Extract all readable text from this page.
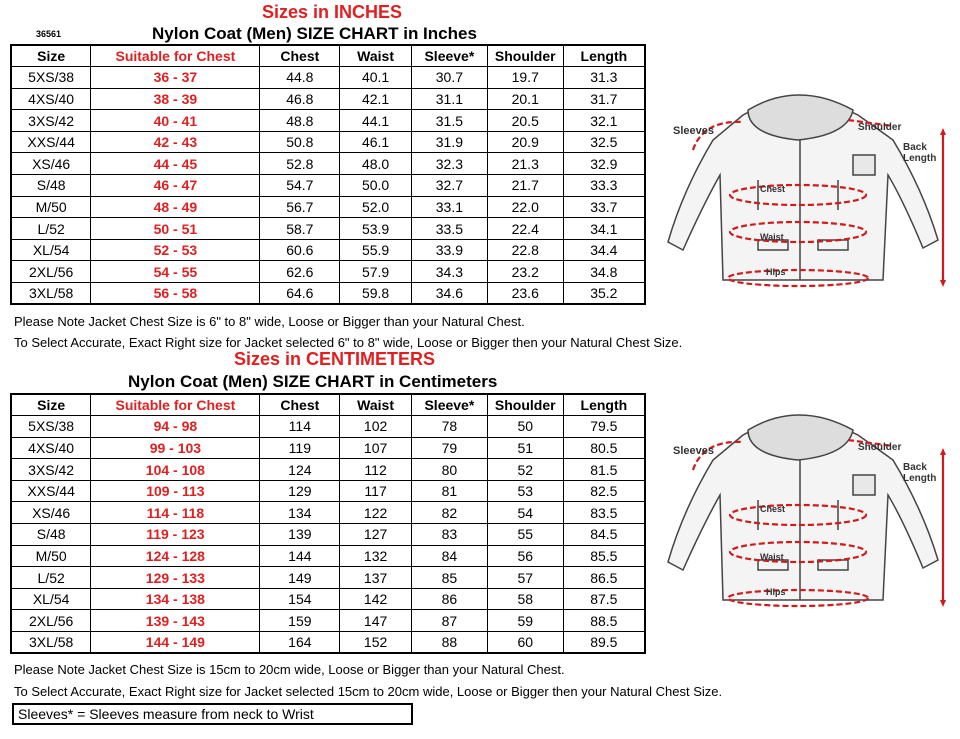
36561
Sizes in INCHES
Nylon Coat (Men) SIZE CHART in Inches
Size	Suitable for Chest	Chest	Waist	Sleeve*	Shoulder	Length
5XS/38	36 - 37	44.8	40.1	30.7	19.7	31.3
4XS/40	38 - 39	46.8	42.1	31.1	20.1	31.7
3XS/42	40 - 41	48.8	44.1	31.5	20.5	32.1
XXS/44	42 - 43	50.8	46.1	31.9	20.9	32.5
XS/46	44 - 45	52.8	48.0	32.3	21.3	32.9
S/48	46 - 47	54.7	50.0	32.7	21.7	33.3
M/50	48 - 49	56.7	52.0	33.1	22.0	33.7
L/52	50 - 51	58.7	53.9	33.5	22.4	34.1
XL/54	52 - 53	60.6	55.9	33.9	22.8	34.4
2XL/56	54 - 55	62.6	57.9	34.3	23.2	34.8
3XL/58	56 - 58	64.6	59.8	34.6	23.6	35.2
Please Note Jacket Chest Size is 6" to 8" wide, Loose or Bigger than your Natural Chest.
To Select Accurate, Exact Right size for Jacket selected 6" to 8" wide, Loose or Bigger then your Natural Chest Size.
Sizes in CENTIMETERS
Nylon Coat (Men) SIZE CHART in Centimeters
Size	Suitable for Chest	Chest	Waist	Sleeve*	Shoulder	Length
5XS/38	94 - 98	114	102	78	50	79.5
4XS/40	99 - 103	119	107	79	51	80.5
3XS/42	104 - 108	124	112	80	52	81.5
XXS/44	109 - 113	129	117	81	53	82.5
XS/46	114 - 118	134	122	82	54	83.5
S/48	119 - 123	139	127	83	55	84.5
M/50	124 - 128	144	132	84	56	85.5
L/52	129 - 133	149	137	85	57	86.5
XL/54	134 - 138	154	142	86	58	87.5
2XL/56	139 - 143	159	147	87	59	88.5
3XL/58	144 - 149	164	152	88	60	89.5
Please Note Jacket Chest Size is 15cm to 20cm wide, Loose or Bigger than your Natural Chest.
To Select Accurate, Exact Right size for Jacket selected 15cm to 20cm wide, Loose or Bigger then your Natural Chest Size.
Sleeves* = Sleeves measure from neck to Wrist
Sleeves	Shoulder
Back
Length
Chest
Waist
Hips
Sleeves	Shoulder
Back
Length
Chest
Waist
Hips
